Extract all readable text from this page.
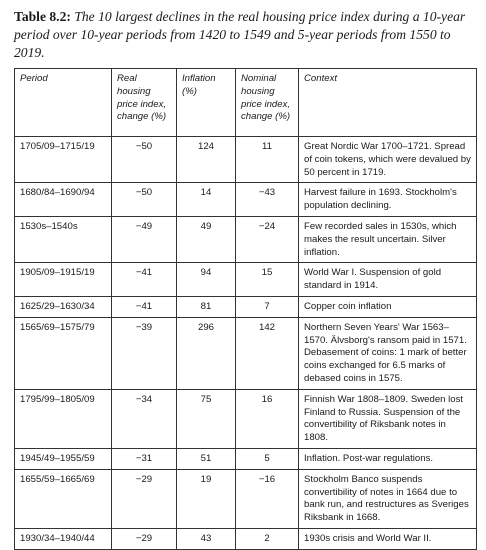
Table 8.2: The 10 largest declines in the real housing price index during a 10-year period over 10-year periods from 1420 to 1549 and 5-year periods from 1550 to 2019.

Period	Real housing price index, change (%)	Inflation (%)	Nominal housing price index, change (%)	Context
1705/09–1715/19	−50	124	11	Great Nordic War 1700–1721. Spread of coin tokens, which were devalued by 50 percent in 1719.
1680/84–1690/94	−50	14	−43	Harvest failure in 1693. Stockholm's population declining.
1530s–1540s	−49	49	−24	Few recorded sales in 1530s, which makes the result uncertain. Silver inflation.
1905/09–1915/19	−41	94	15	World War I. Suspension of gold standard in 1914.
1625/29–1630/34	−41	81	7	Copper coin inflation
1565/69–1575/79	−39	296	142	Northern Seven Years' War 1563–1570. Älvsborg's ransom paid in 1571. Debasement of coins: 1 mark of better coins exchanged for 6.5 marks of debased coins in 1575.
1795/99–1805/09	−34	75	16	Finnish War 1808–1809. Sweden lost Finland to Russia. Suspension of the convertibility of Riksbank notes in 1808.
1945/49–1955/59	−31	51	5	Inflation. Post-war regulations.
1655/59–1665/69	−29	19	−16	Stockholm Banco suspends convertibility of notes in 1664 due to bank run, and restructures as Sveriges Riksbank in 1668.
1930/34–1940/44	−29	43	2	1930s crisis and World War II.
